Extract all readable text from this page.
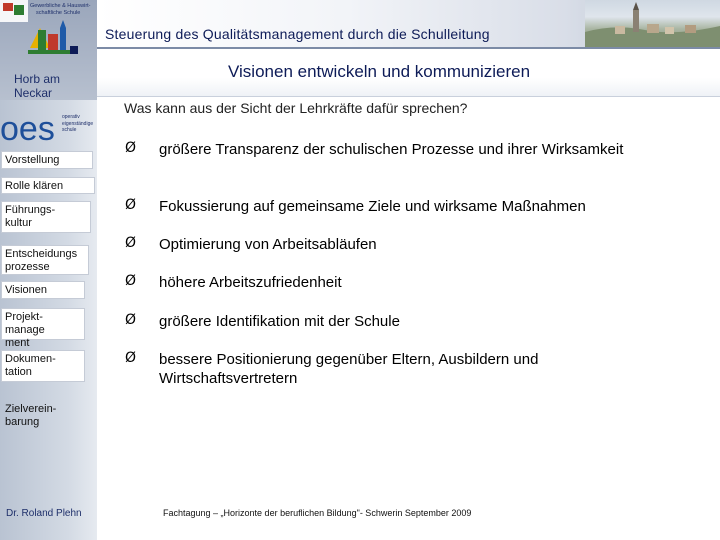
Gewerbliche & Hauswirt-
schaftliche Schule
Horb am Neckar
oes operativ
eigenständige
schule
Vorstellung
Rolle klären
Führungs-kultur
Entscheidungs prozesse
Visionen
Projekt-management
Dokumen-tation
Zielverein-barung
Dr. Roland Plehn
Steuerung des Qualitätsmanagement durch die Schulleitung
Visionen entwickeln und kommunizieren
Was kann aus der Sicht der Lehrkräfte dafür sprechen?
Ø größere Transparenz der schulischen Prozesse und ihrer Wirksamkeit
Ø Fokussierung auf gemeinsame Ziele und wirksame Maßnahmen
Ø Optimierung von Arbeitsabläufen
Ø höhere Arbeitszufriedenheit
Ø größere Identifikation mit der Schule
Ø bessere Positionierung gegenüber Eltern, Ausbildern und Wirtschaftsvertretern
Fachtagung – „Horizonte der beruflichen Bildung"- Schwerin September 2009
